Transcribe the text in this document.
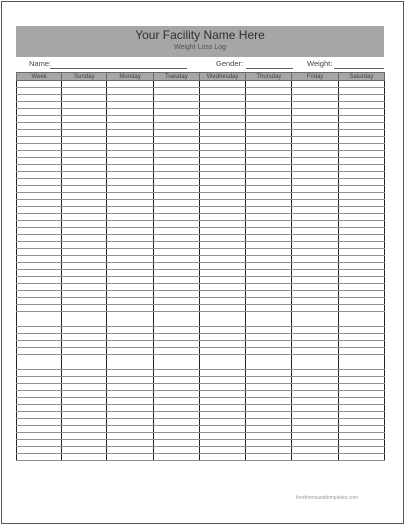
Your Facility Name Here
Weight Loss Log
Name:	Gender:	Weight:
Week	Sunday	Monday	Tuesday	Wednesday	Thursday	Friday	Saturday

freeformsandtemplates.com
